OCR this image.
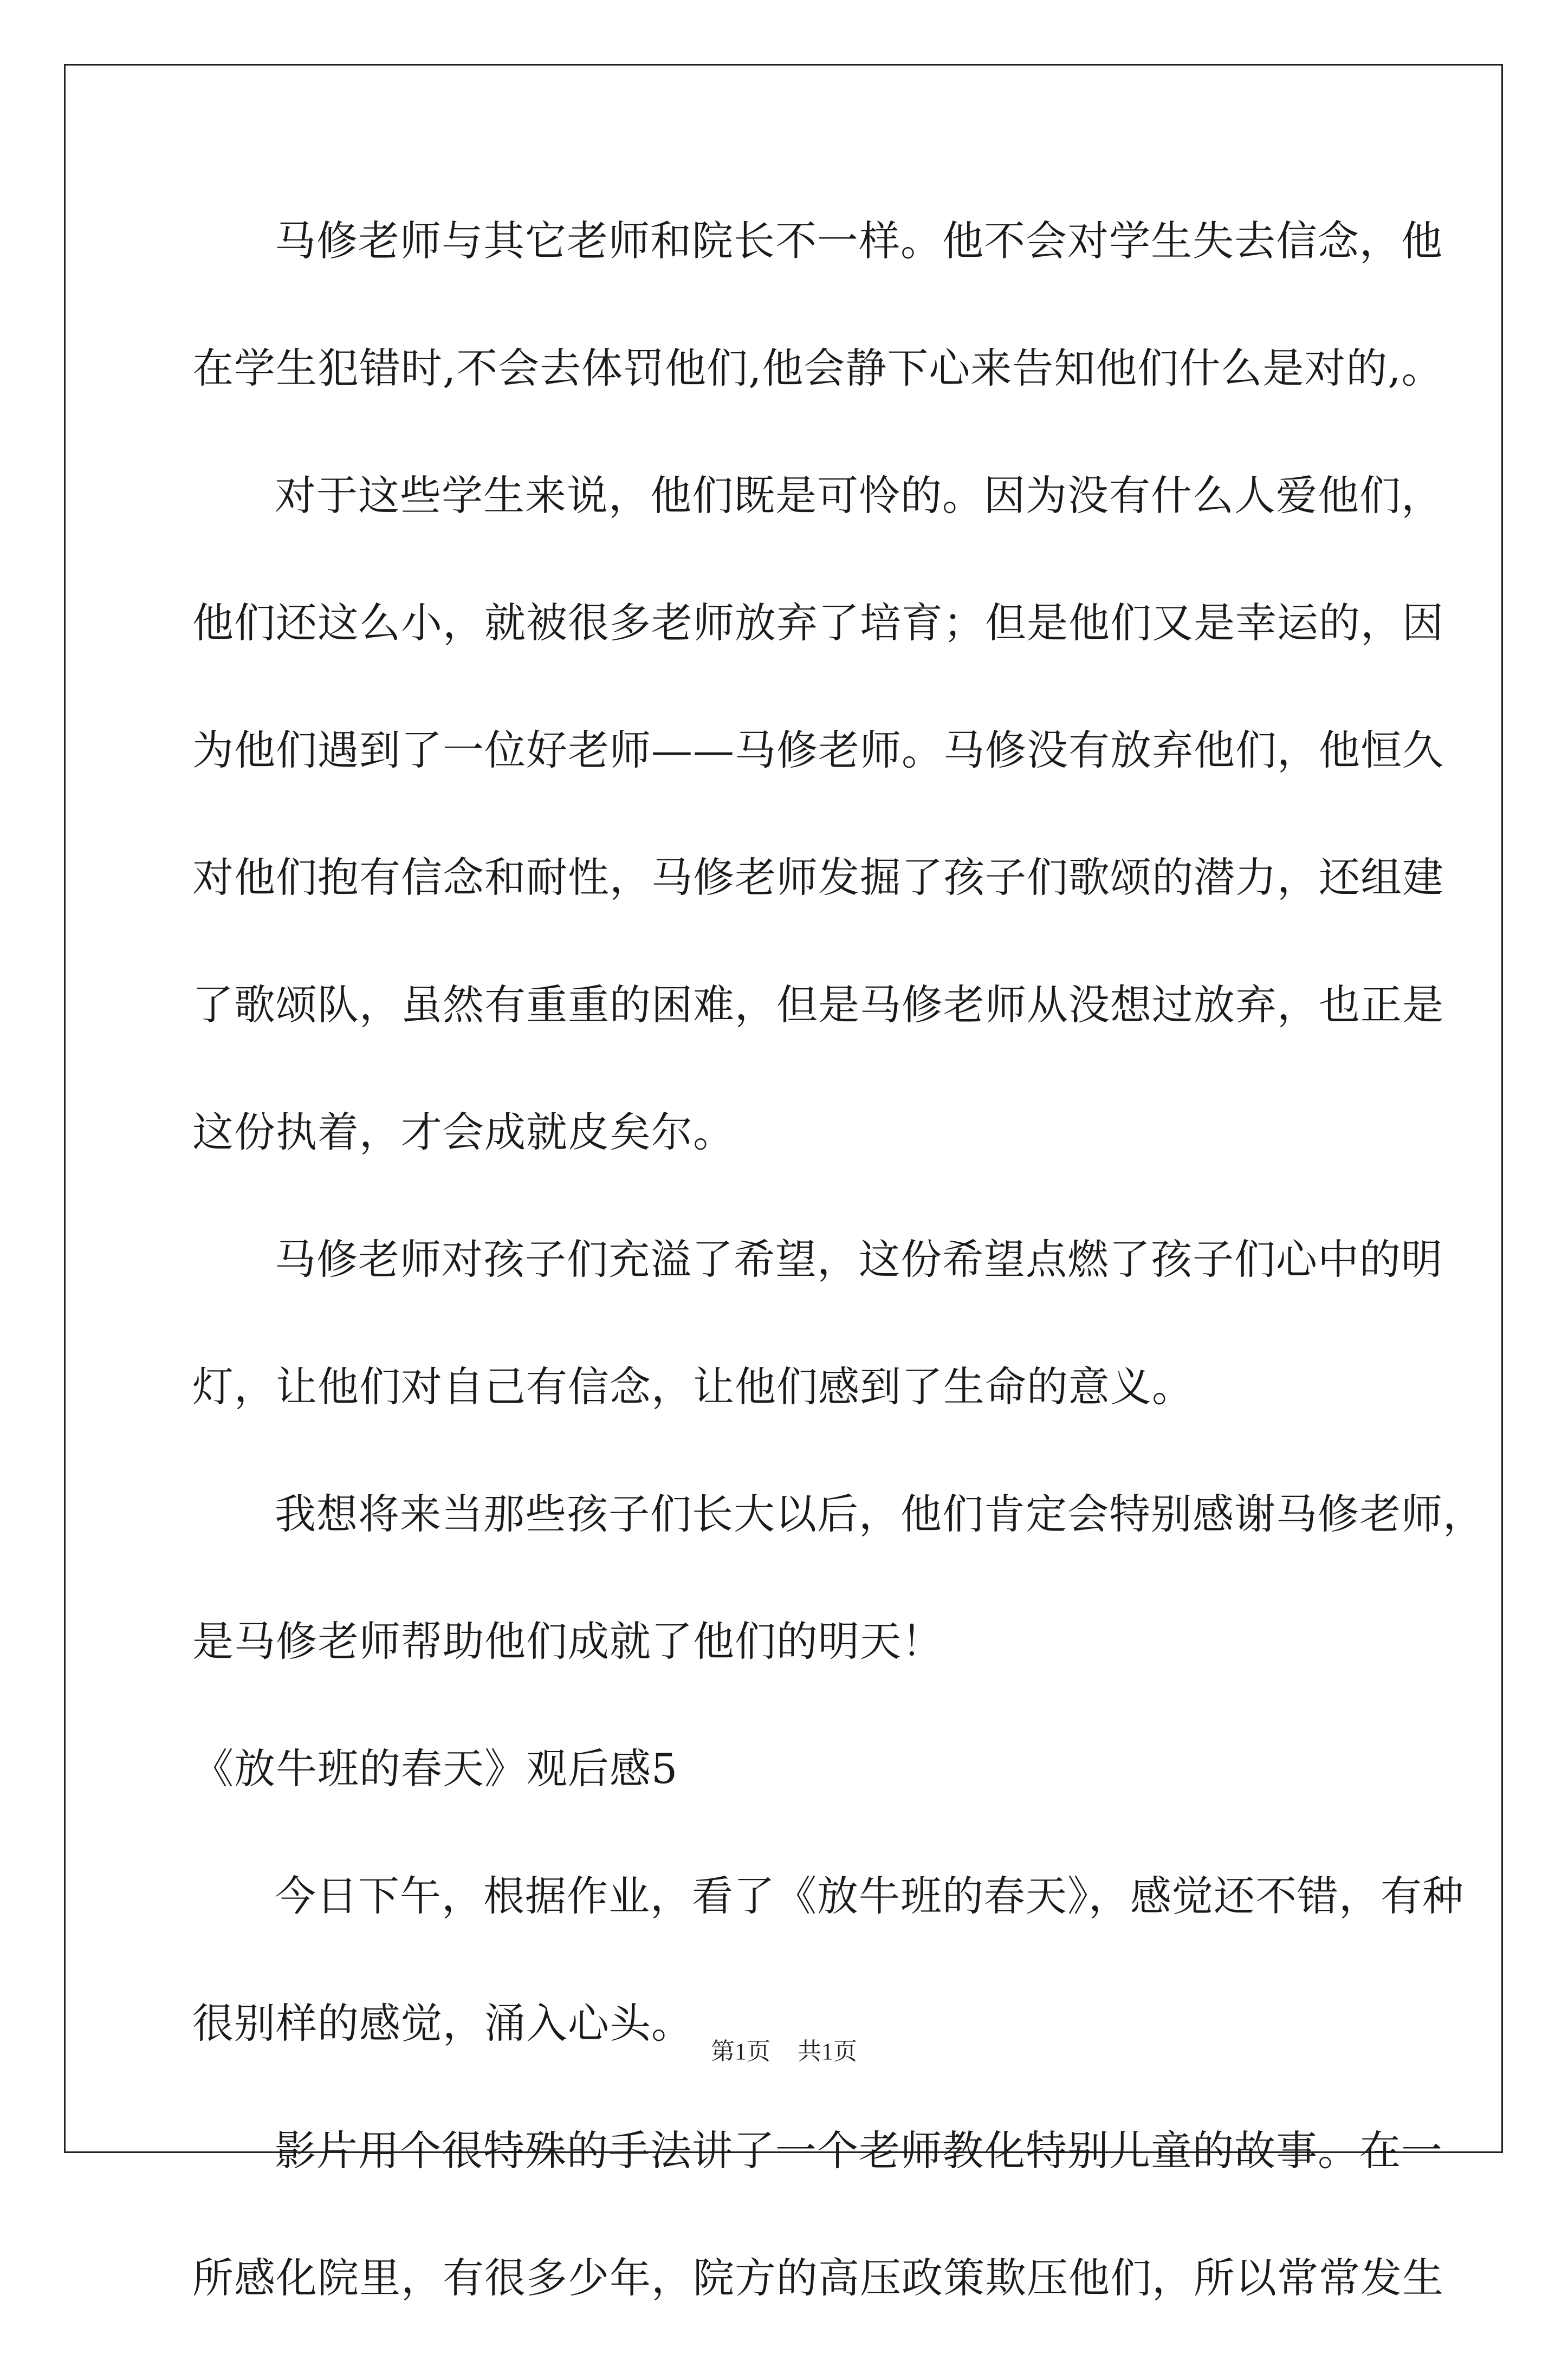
马修老师与其它老师和院长不一样。他不会对学生失去信念，他
在学生犯错时,不会去体罚他们,他会静下心来告知他们什么是对的,。
对于这些学生来说，他们既是可怜的。因为没有什么人爱他们，
他们还这么小，就被很多老师放弃了培育；但是他们又是幸运的，因
为他们遇到了一位好老师——马修老师。马修没有放弃他们，他恒久
对他们抱有信念和耐性，马修老师发掘了孩子们歌颂的潜力，还组建
了歌颂队，虽然有重重的困难，但是马修老师从没想过放弃，也正是
这份执着，才会成就皮矣尔。
马修老师对孩子们充溢了希望，这份希望点燃了孩子们心中的明
灯，让他们对自己有信念，让他们感到了生命的意义。
我想将来当那些孩子们长大以后，他们肯定会特别感谢马修老师，
是马修老师帮助他们成就了他们的明天！
《放牛班的春天》观后感5
今日下午，根据作业，看了《放牛班的春天》，感觉还不错，有种
很别样的感觉，涌入心头。
影片用个很特殊的手法讲了一个老师教化特别儿童的故事。在一
所感化院里，有很多少年，院方的高压政策欺压他们，所以常常发生
第1页 共1页
